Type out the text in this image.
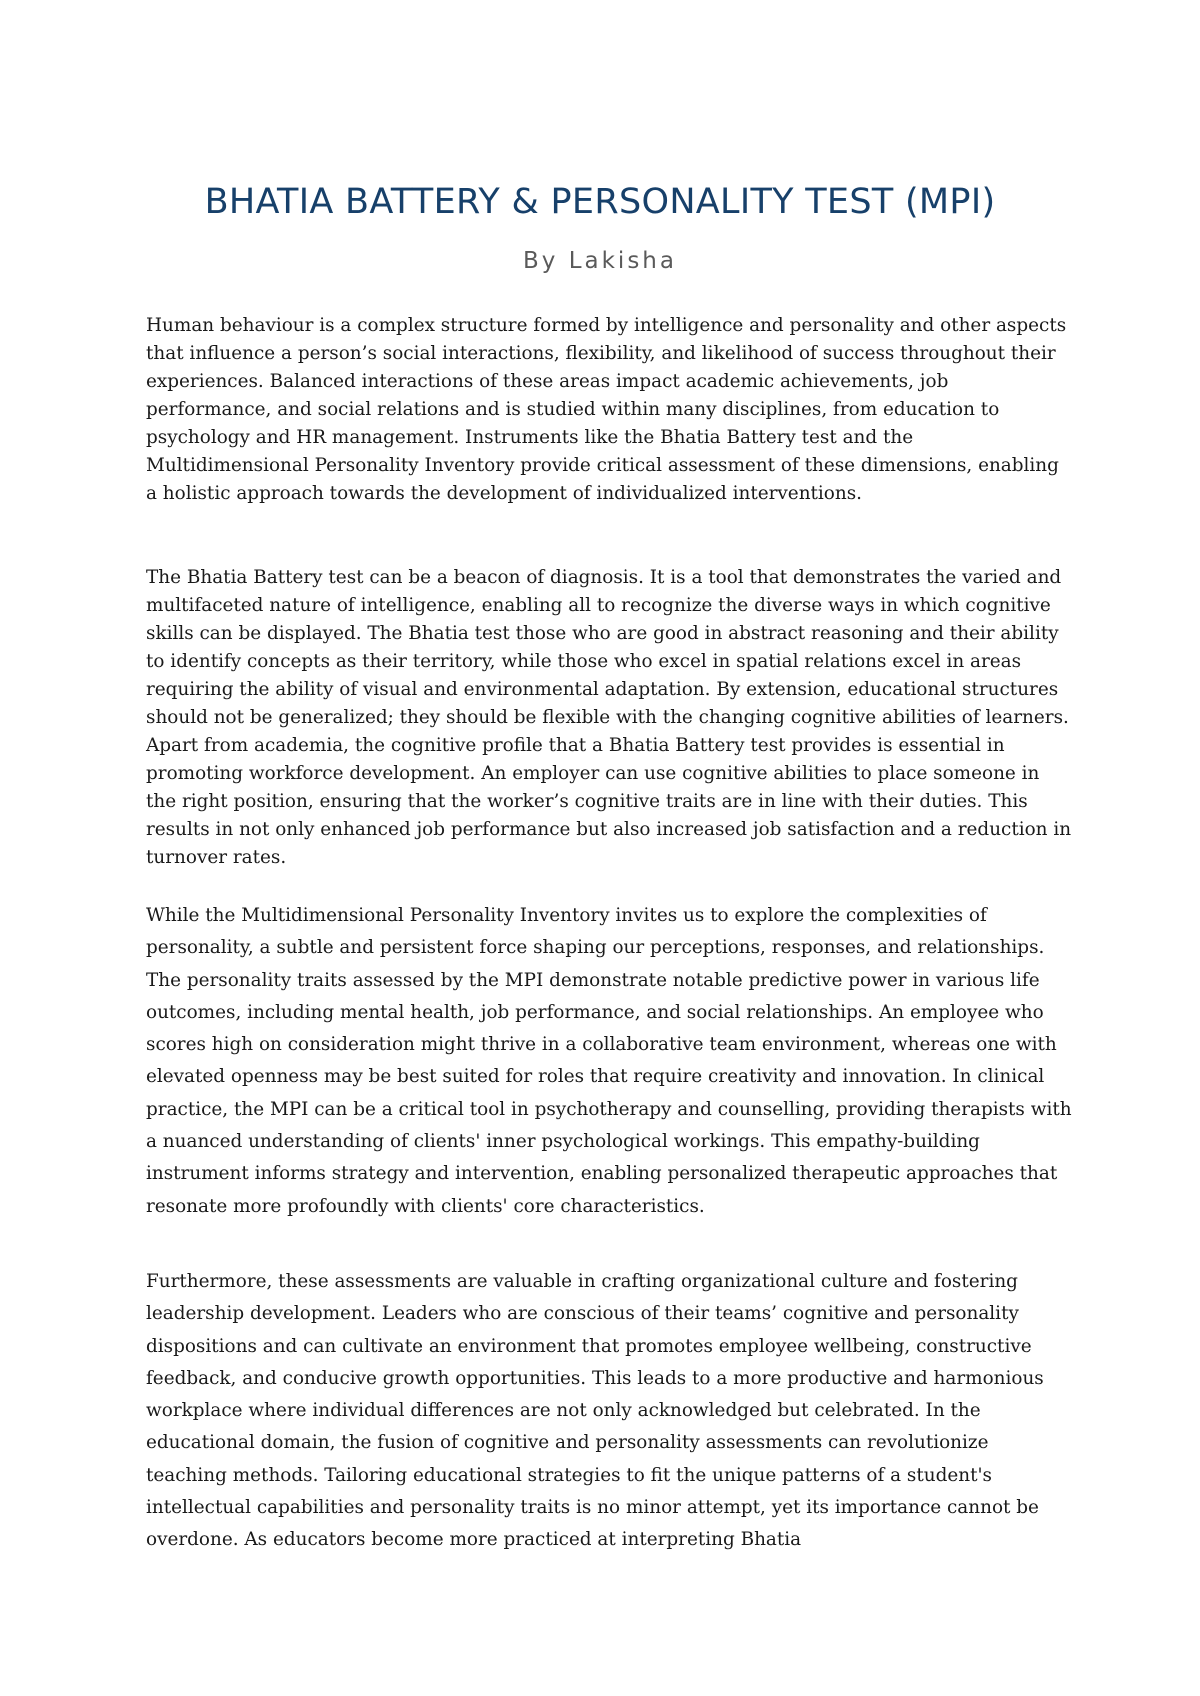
BHATIA BATTERY & PERSONALITY TEST (MPI)
By Lakisha

Human behaviour is a complex structure formed by intelligence and personality and other aspects that influence a person’s social interactions, flexibility, and likelihood of success throughout their experiences. Balanced interactions of these areas impact academic achievements, job performance, and social relations and is studied within many disciplines, from education to psychology and HR management. Instruments like the Bhatia Battery test and the Multidimensional Personality Inventory provide critical assessment of these dimensions, enabling a holistic approach towards the development of individualized interventions.

The Bhatia Battery test can be a beacon of diagnosis. It is a tool that demonstrates the varied and multifaceted nature of intelligence, enabling all to recognize the diverse ways in which cognitive skills can be displayed. The Bhatia test those who are good in abstract reasoning and their ability to identify concepts as their territory, while those who excel in spatial relations excel in areas requiring the ability of visual and environmental adaptation. By extension, educational structures should not be generalized; they should be flexible with the changing cognitive abilities of learners. Apart from academia, the cognitive profile that a Bhatia Battery test provides is essential in promoting workforce development. An employer can use cognitive abilities to place someone in the right position, ensuring that the worker’s cognitive traits are in line with their duties. This results in not only enhanced job performance but also increased job satisfaction and a reduction in turnover rates.

While the Multidimensional Personality Inventory invites us to explore the complexities of personality, a subtle and persistent force shaping our perceptions, responses, and relationships. The personality traits assessed by the MPI demonstrate notable predictive power in various life outcomes, including mental health, job performance, and social relationships. An employee who scores high on consideration might thrive in a collaborative team environment, whereas one with elevated openness may be best suited for roles that require creativity and innovation. In clinical practice, the MPI can be a critical tool in psychotherapy and counselling, providing therapists with a nuanced understanding of clients' inner psychological workings. This empathy-building instrument informs strategy and intervention, enabling personalized therapeutic approaches that resonate more profoundly with clients' core characteristics.

Furthermore, these assessments are valuable in crafting organizational culture and fostering leadership development. Leaders who are conscious of their teams’ cognitive and personality dispositions and can cultivate an environment that promotes employee wellbeing, constructive feedback, and conducive growth opportunities. This leads to a more productive and harmonious workplace where individual differences are not only acknowledged but celebrated. In the educational domain, the fusion of cognitive and personality assessments can revolutionize teaching methods. Tailoring educational strategies to fit the unique patterns of a student's intellectual capabilities and personality traits is no minor attempt, yet its importance cannot be overdone. As educators become more practiced at interpreting Bhatia
